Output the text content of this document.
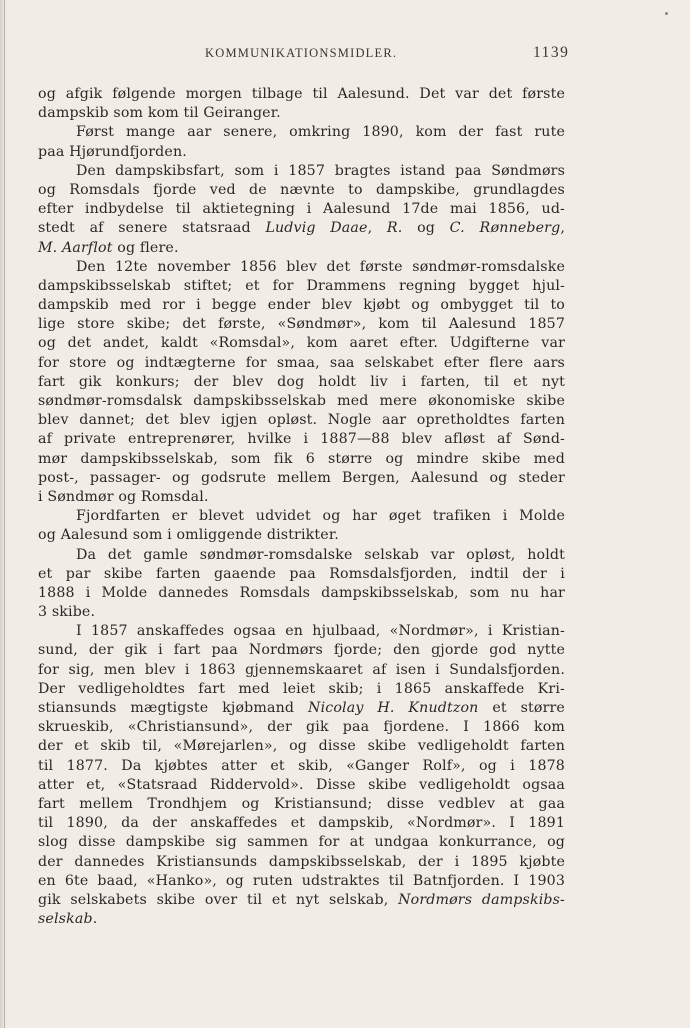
KOMMUNIKATIONSMIDLER.	1139
og afgik følgende morgen tilbage til Aalesund. Det var det første
dampskib som kom til Geiranger.
Først mange aar senere, omkring 1890, kom der fast rute
paa Hjørundfjorden.
Den dampskibsfart, som i 1857 bragtes istand paa Søndmørs
og Romsdals fjorde ved de nævnte to dampskibe, grundlagdes
efter indbydelse til aktietegning i Aalesund 17de mai 1856, ud-
stedt af senere statsraad Ludvig Daae, R. og C. Rønneberg,
M. Aarflot og flere.
Den 12te november 1856 blev det første søndmør-romsdalske
dampskibsselskab stiftet; et for Drammens regning bygget hjul-
dampskib med ror i begge ender blev kjøbt og ombygget til to
lige store skibe; det første, «Søndmør», kom til Aalesund 1857
og det andet, kaldt «Romsdal», kom aaret efter. Udgifterne var
for store og indtægterne for smaa, saa selskabet efter flere aars
fart gik konkurs; der blev dog holdt liv i farten, til et nyt
søndmør-romsdalsk dampskibsselskab med mere økonomiske skibe
blev dannet; det blev igjen opløst. Nogle aar opretholdtes farten
af private entreprenører, hvilke i 1887—88 blev afløst af Sønd-
mør dampskibsselskab, som fik 6 større og mindre skibe med
post-, passager- og godsrute mellem Bergen, Aalesund og steder
i Søndmør og Romsdal.
Fjordfarten er blevet udvidet og har øget trafiken i Molde
og Aalesund som i omliggende distrikter.
Da det gamle søndmør-romsdalske selskab var opløst, holdt
et par skibe farten gaaende paa Romsdalsfjorden, indtil der i
1888 i Molde dannedes Romsdals dampskibsselskab, som nu har
3 skibe.
I 1857 anskaffedes ogsaa en hjulbaad, «Nordmør», i Kristian-
sund, der gik i fart paa Nordmørs fjorde; den gjorde god nytte
for sig, men blev i 1863 gjennemskaaret af isen i Sundalsfjorden.
Der vedligeholdtes fart med leiet skib; i 1865 anskaffede Kri-
stiansunds mægtigste kjøbmand Nicolay H. Knudtzon et større
skrueskib, «Christiansund», der gik paa fjordene. I 1866 kom
der et skib til, «Mørejarlen», og disse skibe vedligeholdt farten
til 1877. Da kjøbtes atter et skib, «Ganger Rolf», og i 1878
atter et, «Statsraad Riddervold». Disse skibe vedligeholdt ogsaa
fart mellem Trondhjem og Kristiansund; disse vedblev at gaa
til 1890, da der anskaffedes et dampskib, «Nordmør». I 1891
slog disse dampskibe sig sammen for at undgaa konkurrance, og
der dannedes Kristiansunds dampskibsselskab, der i 1895 kjøbte
en 6te baad, «Hanko», og ruten udstraktes til Batnfjorden. I 1903
gik selskabets skibe over til et nyt selskab, Nordmørs dampskibs-
selskab.
